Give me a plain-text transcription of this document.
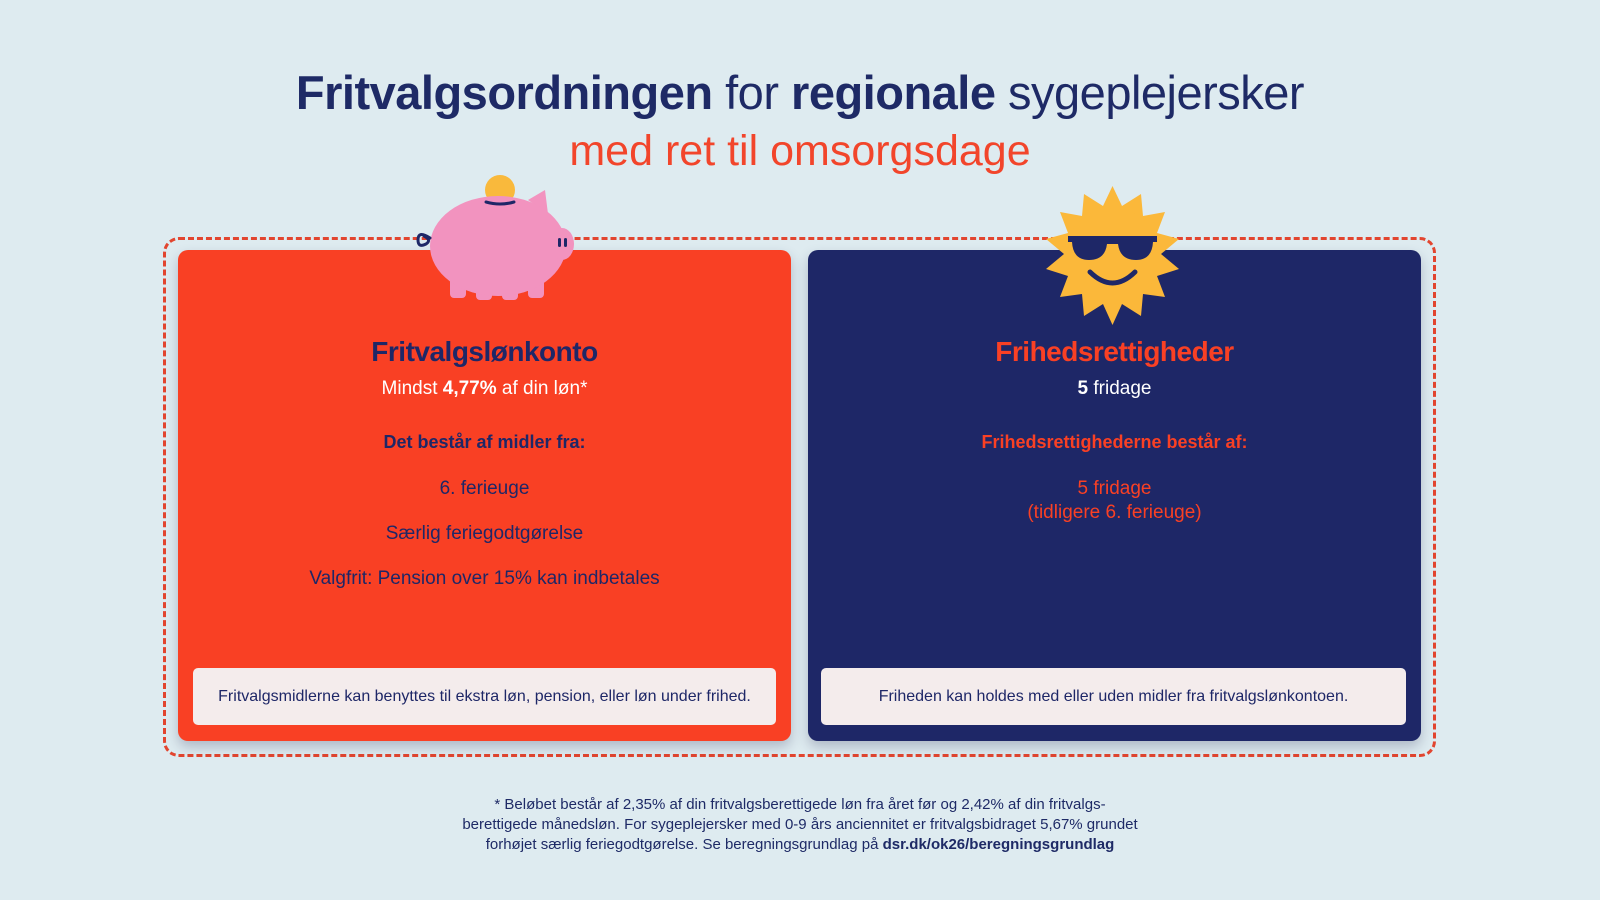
Fritvalgsordningen for regionale sygeplejersker
med ret til omsorgsdage
Fritvalgslønkonto
Mindst 4,77% af din løn*
Det består af midler fra:
6. ferieuge
Særlig feriegodtgørelse
Valgfrit: Pension over 15% kan indbetales
Fritvalgsmidlerne kan benyttes til ekstra løn, pension, eller løn under frihed.
Frihedsrettigheder
5 fridage
Frihedsrettighederne består af:
5 fridage
(tidligere 6. ferieuge)
Friheden kan holdes med eller uden midler fra fritvalgslønkontoen.
* Beløbet består af 2,35% af din fritvalgsberettigede løn fra året før og 2,42% af din fritvalgs-
berettigede månedsløn. For sygeplejersker med 0-9 års anciennitet er fritvalgsbidraget 5,67% grundet
forhøjet særlig feriegodtgørelse. Se beregningsgrundlag på dsr.dk/ok26/beregningsgrundlag
